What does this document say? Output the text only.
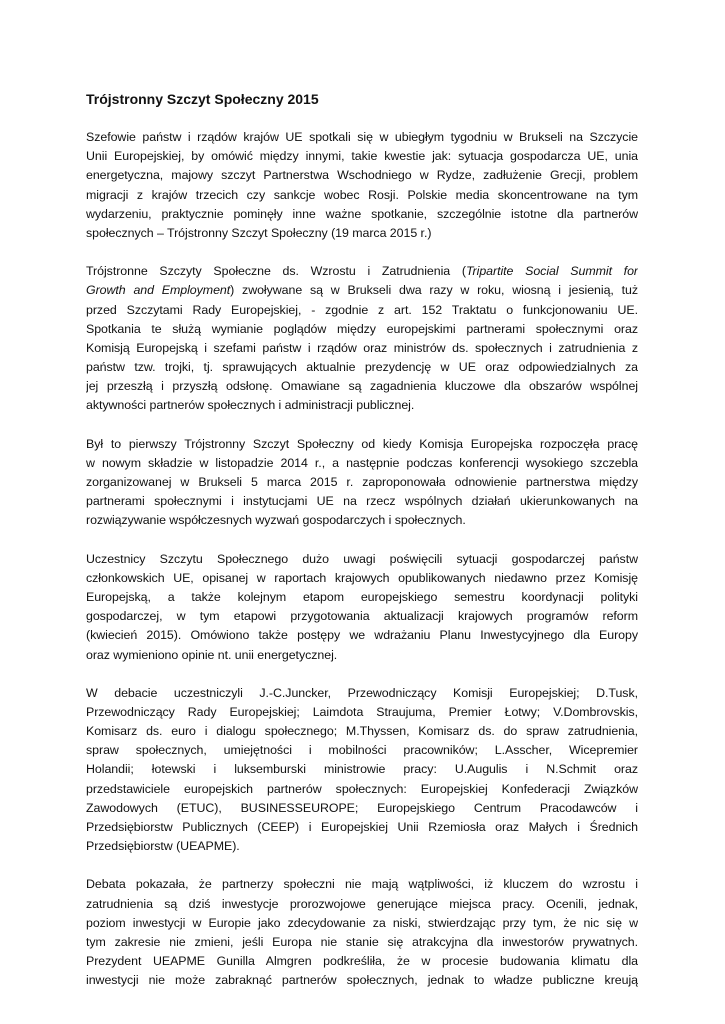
Trójstronny Szczyt Społeczny 2015
Szefowie państw i rządów krajów UE spotkali się w ubiegłym tygodniu w Brukseli na Szczycie
Unii Europejskiej, by omówić między innymi, takie kwestie jak: sytuacja gospodarcza UE, unia
energetyczna, majowy szczyt Partnerstwa Wschodniego w Rydze, zadłużenie Grecji, problem
migracji z krajów trzecich czy sankcje wobec Rosji. Polskie media skoncentrowane na tym
wydarzeniu, praktycznie pominęły inne ważne spotkanie, szczególnie istotne dla partnerów
społecznych – Trójstronny Szczyt Społeczny (19 marca 2015 r.)
Trójstronne Szczyty Społeczne ds. Wzrostu i Zatrudnienia (Tripartite Social Summit for
Growth and Employment) zwoływane są w Brukseli dwa razy w roku, wiosną i jesienią, tuż
przed Szczytami Rady Europejskiej, - zgodnie z art. 152 Traktatu o funkcjonowaniu UE.
Spotkania te służą wymianie poglądów między europejskimi partnerami społecznymi oraz
Komisją Europejską i szefami państw i rządów oraz ministrów ds. społecznych i zatrudnienia z
państw tzw. trojki, tj. sprawujących aktualnie prezydencję w UE oraz odpowiedzialnych za
jej przeszłą i przyszłą odsłonę. Omawiane są zagadnienia kluczowe dla obszarów wspólnej
aktywności partnerów społecznych i administracji publicznej.
Był to pierwszy Trójstronny Szczyt Społeczny od kiedy Komisja Europejska rozpoczęła pracę
w nowym składzie w listopadzie 2014 r., a następnie podczas konferencji wysokiego szczebla
zorganizowanej w Brukseli 5 marca 2015 r. zaproponowała odnowienie partnerstwa między
partnerami społecznymi i instytucjami UE na rzecz wspólnych działań ukierunkowanych na
rozwiązywanie współczesnych wyzwań gospodarczych i społecznych.
Uczestnicy Szczytu Społecznego dużo uwagi poświęcili sytuacji gospodarczej państw
członkowskich UE, opisanej w raportach krajowych opublikowanych niedawno przez Komisję
Europejską, a także kolejnym etapom europejskiego semestru koordynacji polityki
gospodarczej, w tym etapowi przygotowania aktualizacji krajowych programów reform
(kwiecień 2015). Omówiono także postępy we wdrażaniu Planu Inwestycyjnego dla Europy
oraz wymieniono opinie nt. unii energetycznej.
W debacie uczestniczyli J.-C.Juncker, Przewodniczący Komisji Europejskiej; D.Tusk,
Przewodniczący Rady Europejskiej; Laimdota Straujuma, Premier Łotwy; V.Dombrovskis,
Komisarz ds. euro i dialogu społecznego; M.Thyssen, Komisarz ds. do spraw zatrudnienia,
spraw społecznych, umiejętności i mobilności pracowników; L.Asscher, Wicepremier
Holandii; łotewski i luksemburski ministrowie pracy: U.Augulis i N.Schmit oraz
przedstawiciele europejskich partnerów społecznych: Europejskiej Konfederacji Związków
Zawodowych (ETUC), BUSINESSEUROPE; Europejskiego Centrum Pracodawców i
Przedsiębiorstw Publicznych (CEEP) i Europejskiej Unii Rzemiosła oraz Małych i Średnich
Przedsiębiorstw (UEAPME).
Debata pokazała, że partnerzy społeczni nie mają wątpliwości, iż kluczem do wzrostu i
zatrudnienia są dziś inwestycje prorozwojowe generujące miejsca pracy. Ocenili, jednak,
poziom inwestycji w Europie jako zdecydowanie za niski, stwierdzając przy tym, że nic się w
tym zakresie nie zmieni, jeśli Europa nie stanie się atrakcyjna dla inwestorów prywatnych.
Prezydent UEAPME Gunilla Almgren podkreśliła, że w procesie budowania klimatu dla
inwestycji nie może zabraknąć partnerów społecznych, jednak to władze publiczne kreują
